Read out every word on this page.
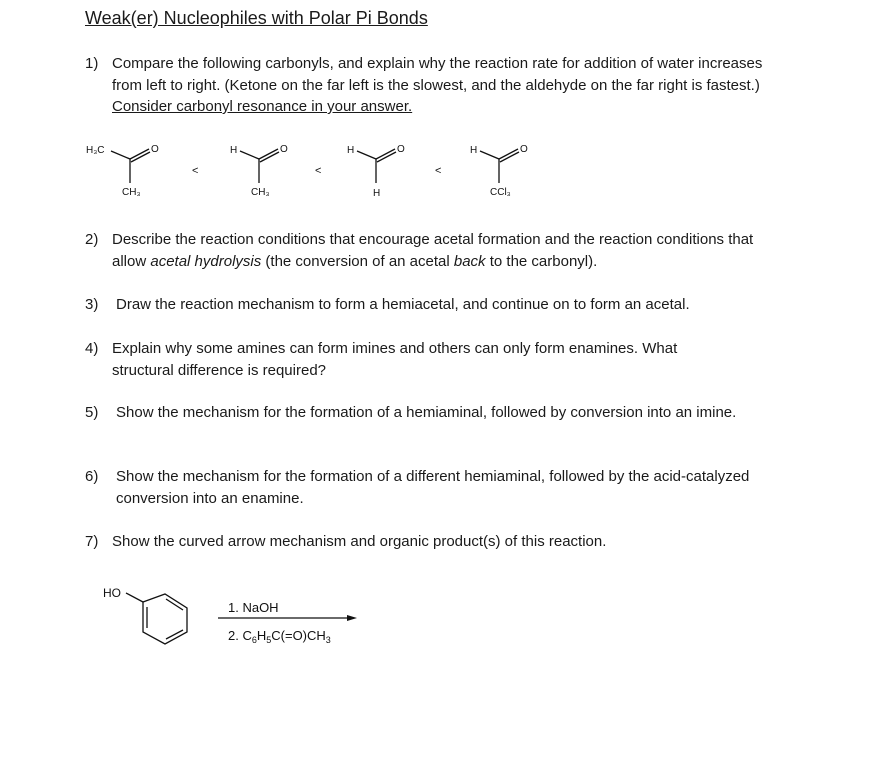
Weak(er) Nucleophiles with Polar Pi Bonds
1) Compare the following carbonyls, and explain why the reaction rate for addition of water increases from left to right. (Ketone on the far left is the slowest, and the aldehyde on the far right is fastest.) Consider carbonyl resonance in your answer.
H₃C	O
CH₃
<
H	O
CH₃
<
H	O
H
<
H	O
CCl₃
2) Describe the reaction conditions that encourage acetal formation and the reaction conditions that allow acetal hydrolysis (the conversion of an acetal back to the carbonyl).
3) Draw the reaction mechanism to form a hemiacetal, and continue on to form an acetal.
4) Explain why some amines can form imines and others can only form enamines. What structural difference is required?
5) Show the mechanism for the formation of a hemiaminal, followed by conversion into an imine.
6) Show the mechanism for the formation of a different hemiaminal, followed by the acid-catalyzed conversion into an enamine.
7) Show the curved arrow mechanism and organic product(s) of this reaction.
HO
1. NaOH
2. $C_6H_5C(=O)CH_3$
